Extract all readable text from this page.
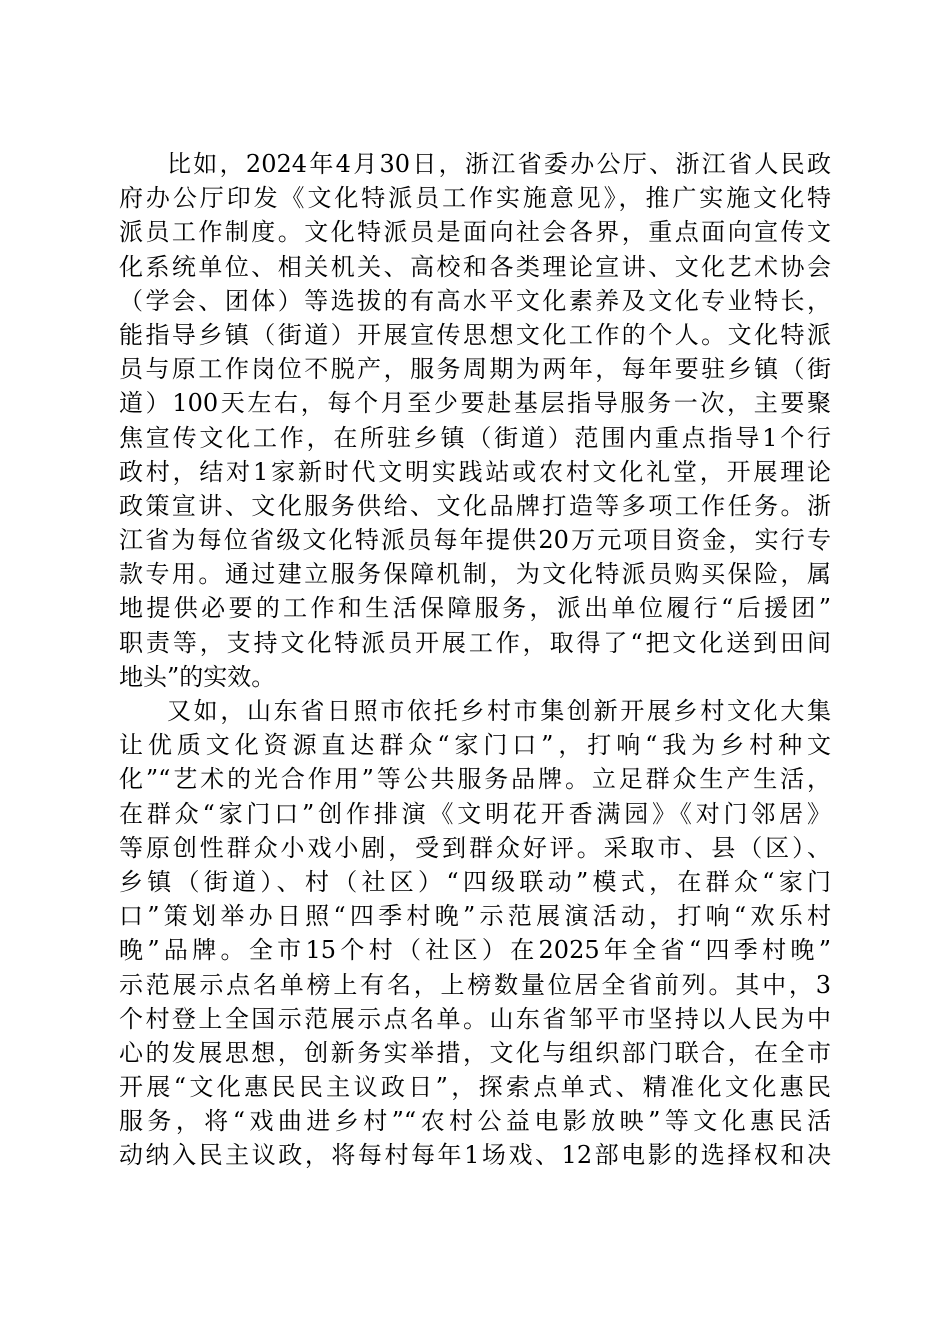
比如，2024年4月30日，浙江省委办公厅、浙江省人民政
府办公厅印发《文化特派员工作实施意见》，推广实施文化特
派员工作制度。文化特派员是面向社会各界，重点面向宣传文
化系统单位、相关机关、高校和各类理论宣讲、文化艺术协会
（学会、团体）等选拔的有高水平文化素养及文化专业特长，
能指导乡镇（街道）开展宣传思想文化工作的个人。文化特派
员与原工作岗位不脱产，服务周期为两年，每年要驻乡镇（街
道）100天左右，每个月至少要赴基层指导服务一次，主要聚
焦宣传文化工作，在所驻乡镇（街道）范围内重点指导1个行
政村，结对1家新时代文明实践站或农村文化礼堂，开展理论
政策宣讲、文化服务供给、文化品牌打造等多项工作任务。浙
江省为每位省级文化特派员每年提供20万元项目资金，实行专
款专用。通过建立服务保障机制，为文化特派员购买保险，属
地提供必要的工作和生活保障服务，派出单位履行“后援团”
职责等，支持文化特派员开展工作，取得了“把文化送到田间
地头”的实效。
又如，山东省日照市依托乡村市集创新开展乡村文化大集
让优质文化资源直达群众“家门口”，打响“我为乡村种文
化”“艺术的光合作用”等公共服务品牌。立足群众生产生活，
在群众“家门口”创作排演《文明花开香满园》《对门邻居》
等原创性群众小戏小剧，受到群众好评。采取市、县（区）、
乡镇（街道）、村（社区）“四级联动”模式，在群众“家门
口”策划举办日照“四季村晚”示范展演活动，打响“欢乐村
晚”品牌。全市15个村（社区）在2025年全省“四季村晚”
示范展示点名单榜上有名，上榜数量位居全省前列。其中，3
个村登上全国示范展示点名单。山东省邹平市坚持以人民为中
心的发展思想，创新务实举措，文化与组织部门联合，在全市
开展“文化惠民民主议政日”，探索点单式、精准化文化惠民
服务，将“戏曲进乡村”“农村公益电影放映”等文化惠民活
动纳入民主议政，将每村每年1场戏、12部电影的选择权和决
